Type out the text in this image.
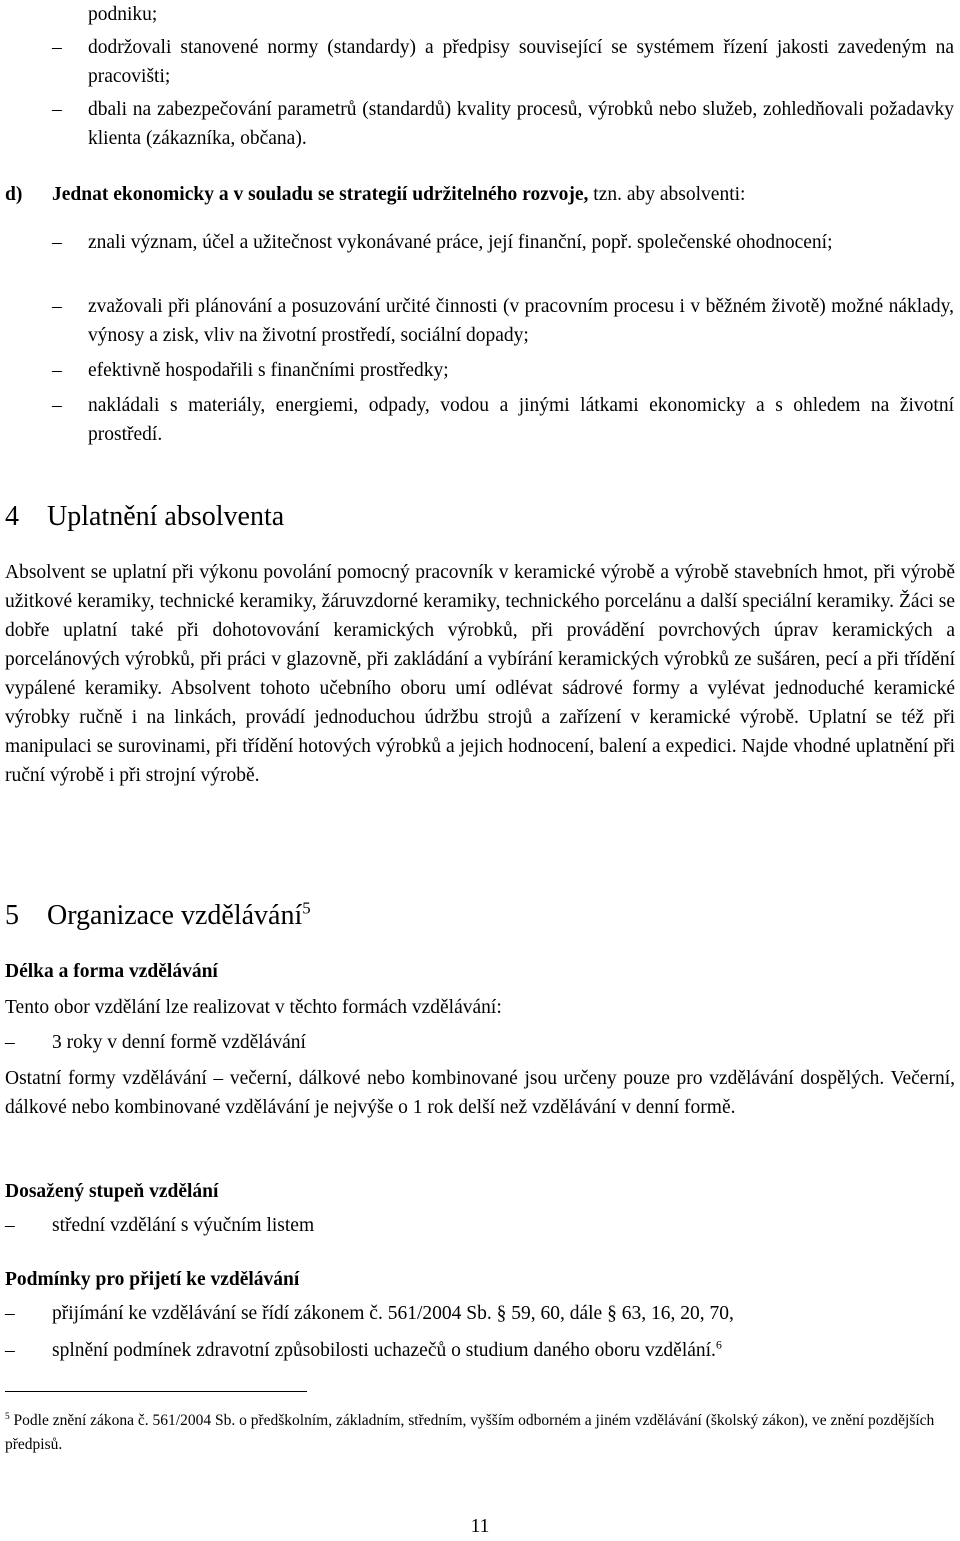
podniku;
– dodržovali stanovené normy (standardy) a předpisy související se systémem řízení jakosti zavedeným na pracovišti;
– dbali na zabezpečování parametrů (standardů) kvality procesů, výrobků nebo služeb, zohledňovali požadavky klienta (zákazníka, občana).
d) Jednat ekonomicky a v souladu se strategií udržitelného rozvoje, tzn. aby absolventi:
– znali význam, účel a užitečnost vykonávané práce, její finanční, popř. společenské ohodnocení;
– zvažovali při plánování a posuzování určité činnosti (v pracovním procesu i v běžném životě) možné náklady, výnosy a zisk, vliv na životní prostředí, sociální dopady;
– efektivně hospodařili s finančními prostředky;
– nakládali s materiály, energiemi, odpady, vodou a jinými látkami ekonomicky a s ohledem na životní prostředí.
4 Uplatnění absolventa
Absolvent se uplatní při výkonu povolání pomocný pracovník v keramické výrobě a výrobě stavebních hmot, při výrobě užitkové keramiky, technické keramiky, žáruvzdorné keramiky, technického porcelánu a další speciální keramiky. Žáci se dobře uplatní také při dohotovování keramických výrobků, při provádění povrchových úprav keramických a porcelánových výrobků, při práci v glazovně, při zakládání a vybírání keramických výrobků ze sušáren, pecí a při třídění vypálené keramiky. Absolvent tohoto učebního oboru umí odlévat sádrové formy a vylévat jednoduché keramické výrobky ručně i na linkách, provádí jednoduchou údržbu strojů a zařízení v keramické výrobě. Uplatní se též při manipulaci se surovinami, při třídění hotových výrobků a jejich hodnocení, balení a expedici. Najde vhodné uplatnění při ruční výrobě i při strojní výrobě.
5 Organizace vzdělávání$^5$
Délka a forma vzdělávání
Tento obor vzdělání lze realizovat v těchto formách vzdělávání:
– 3 roky v denní formě vzdělávání
Ostatní formy vzdělávání – večerní, dálkové nebo kombinované jsou určeny pouze pro vzdělávání dospělých. Večerní, dálkové nebo kombinované vzdělávání je nejvýše o 1 rok delší než vzdělávání v denní formě.
Dosažený stupeň vzdělání
– střední vzdělání s výučním listem
Podmínky pro přijetí ke vzdělávání
– přijímání ke vzdělávání se řídí zákonem č. 561/2004 Sb. § 59, 60, dále § 63, 16, 20, 70,
– splnění podmínek zdravotní způsobilosti uchazečů o studium daného oboru vzdělání.$^6$
$^5$ Podle znění zákona č. 561/2004 Sb. o předškolním, základním, středním, vyšším odborném a jiném vzdělávání (školský zákon), ve znění pozdějších předpisů.
11
